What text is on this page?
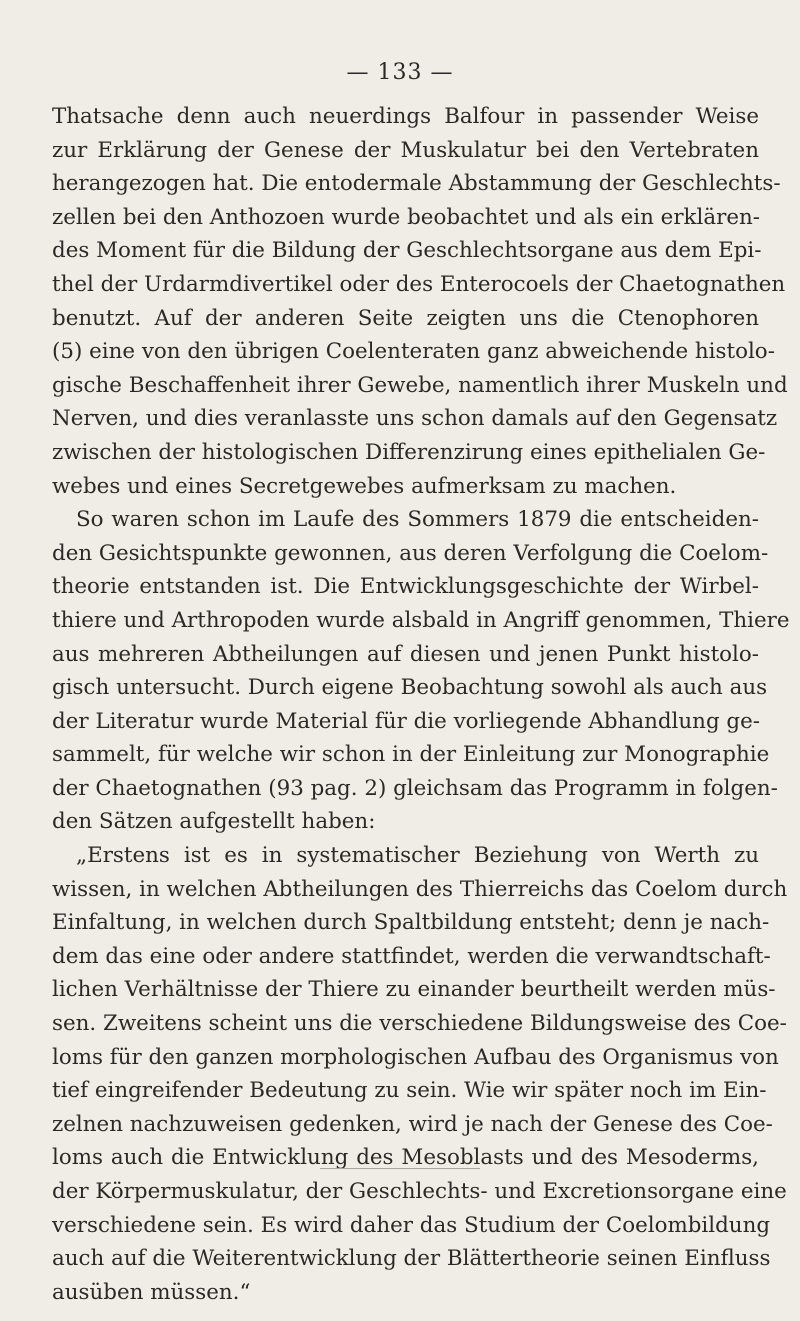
— 133 —
Thatsache denn auch neuerdings Balfour in passender Weise
zur Erklärung der Genese der Muskulatur bei den Vertebraten
herangezogen hat. Die entodermale Abstammung der Geschlechts-
zellen bei den Anthozoen wurde beobachtet und als ein erklären-
des Moment für die Bildung der Geschlechtsorgane aus dem Epi-
thel der Urdarmdivertikel oder des Enterocoels der Chaetognathen
benutzt. Auf der anderen Seite zeigten uns die Ctenophoren
(5) eine von den übrigen Coelenteraten ganz abweichende histolo-
gische Beschaffenheit ihrer Gewebe, namentlich ihrer Muskeln und
Nerven, und dies veranlasste uns schon damals auf den Gegensatz
zwischen der histologischen Differenzirung eines epithelialen Ge-
webes und eines Secretgewebes aufmerksam zu machen.
So waren schon im Laufe des Sommers 1879 die entscheiden-
den Gesichtspunkte gewonnen, aus deren Verfolgung die Coelom-
theorie entstanden ist. Die Entwicklungsgeschichte der Wirbel-
thiere und Arthropoden wurde alsbald in Angriff genommen, Thiere
aus mehreren Abtheilungen auf diesen und jenen Punkt histolo-
gisch untersucht. Durch eigene Beobachtung sowohl als auch aus
der Literatur wurde Material für die vorliegende Abhandlung ge-
sammelt, für welche wir schon in der Einleitung zur Monographie
der Chaetognathen (93 pag. 2) gleichsam das Programm in folgen-
den Sätzen aufgestellt haben:
„Erstens ist es in systematischer Beziehung von Werth zu
wissen, in welchen Abtheilungen des Thierreichs das Coelom durch
Einfaltung, in welchen durch Spaltbildung entsteht; denn je nach-
dem das eine oder andere stattfindet, werden die verwandtschaft-
lichen Verhältnisse der Thiere zu einander beurtheilt werden müs-
sen. Zweitens scheint uns die verschiedene Bildungsweise des Coe-
loms für den ganzen morphologischen Aufbau des Organismus von
tief eingreifender Bedeutung zu sein. Wie wir später noch im Ein-
zelnen nachzuweisen gedenken, wird je nach der Genese des Coe-
loms auch die Entwicklung des Mesoblasts und des Mesoderms,
der Körpermuskulatur, der Geschlechts- und Excretionsorgane eine
verschiedene sein. Es wird daher das Studium der Coelombildung
auch auf die Weiterentwicklung der Blättertheorie seinen Einfluss
ausüben müssen.“
